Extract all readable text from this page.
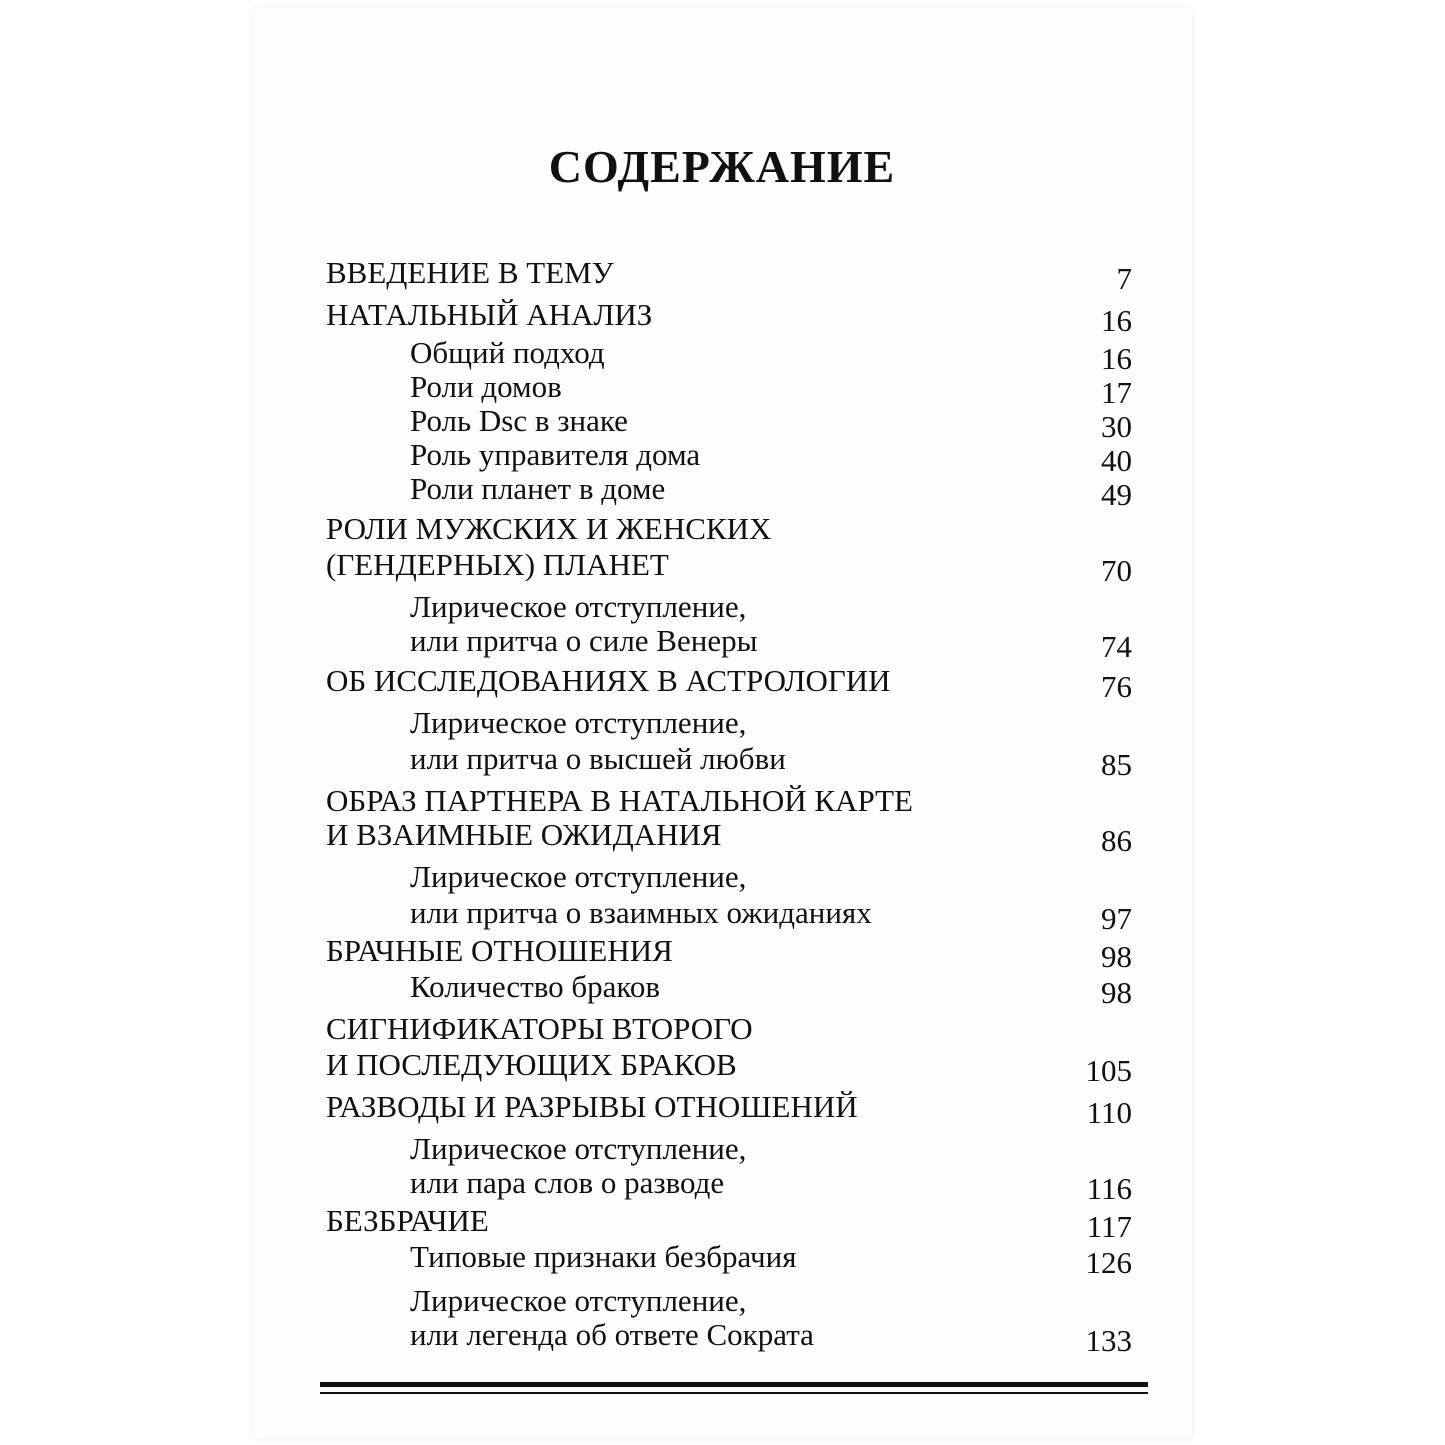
СОДЕРЖАНИЕ
ВВЕДЕНИЕ В ТЕМУ	7
НАТАЛЬНЫЙ АНАЛИЗ	16
Общий подход	16
Роли домов	17
Роль Dsc в знаке	30
Роль управителя дома	40
Роли планет в доме	49
РОЛИ МУЖСКИХ И ЖЕНСКИХ
(ГЕНДЕРНЫХ) ПЛАНЕТ	70
Лирическое отступление,
или притча о силе Венеры	74
ОБ ИССЛЕДОВАНИЯХ В АСТРОЛОГИИ	76
Лирическое отступление,
или притча о высшей любви	85
ОБРАЗ ПАРТНЕРА В НАТАЛЬНОЙ КАРТЕ
И ВЗАИМНЫЕ ОЖИДАНИЯ	86
Лирическое отступление,
или притча о взаимных ожиданиях	97
БРАЧНЫЕ ОТНОШЕНИЯ	98
Количество браков	98
СИГНИФИКАТОРЫ ВТОРОГО
И ПОСЛЕДУЮЩИХ БРАКОВ	105
РАЗВОДЫ И РАЗРЫВЫ ОТНОШЕНИЙ	110
Лирическое отступление,
или пара слов о разводе	116
БЕЗБРАЧИЕ	117
Типовые признаки безбрачия	126
Лирическое отступление,
или легенда об ответе Сократа	133
